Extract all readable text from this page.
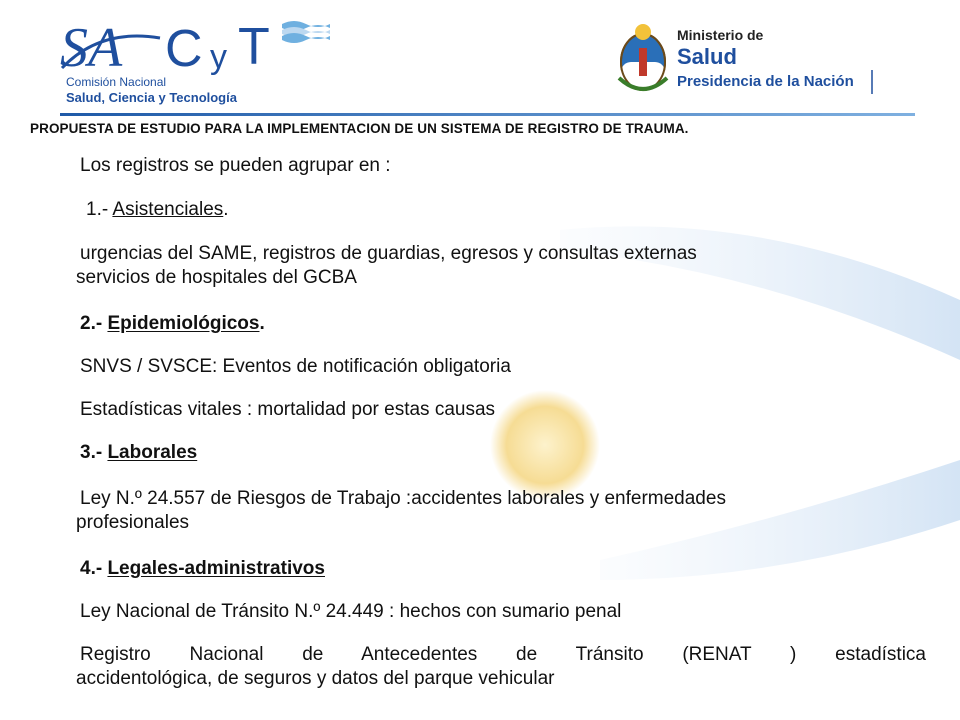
SA C y T
Comisión Nacional
Salud, Ciencia y Tecnología
Ministerio de
Salud
Presidencia de la Nación
PROPUESTA DE ESTUDIO PARA LA IMPLEMENTACION DE UN SISTEMA DE REGISTRO DE TRAUMA.
Los registros se pueden agrupar en :
1.- Asistenciales.
urgencias del SAME, registros de guardias, egresos y consultas externas
servicios de hospitales del GCBA
2.- Epidemiológicos.
SNVS / SVSCE: Eventos de notificación obligatoria
Estadísticas vitales : mortalidad por estas causas
3.- Laborales
Ley N.º 24.557 de Riesgos de Trabajo :accidentes laborales y enfermedades
profesionales
4.- Legales-administrativos
Ley Nacional de Tránsito N.º 24.449 : hechos con sumario penal
Registro Nacional de Antecedentes de Tránsito (RENAT ) estadística
accidentológica, de seguros y datos del parque vehicular
